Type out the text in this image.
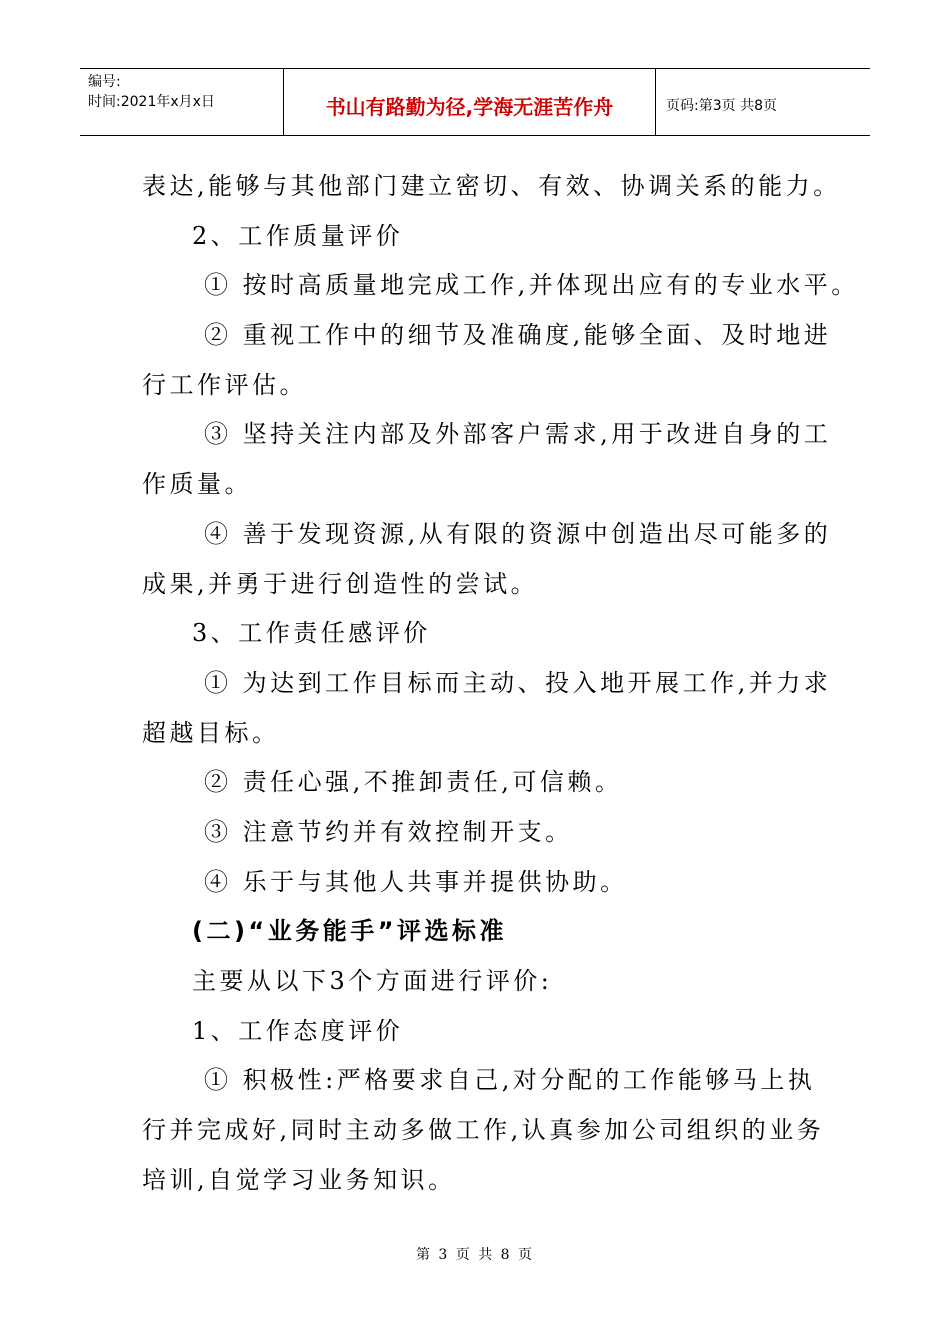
编号:
时间:2021年x月x日	书山有路勤为径,学海无涯苦作舟	页码:第3页 共8页
表达,能够与其他部门建立密切、有效、协调关系的能力。
2、工作质量评价
① 按时高质量地完成工作,并体现出应有的专业水平。
② 重视工作中的细节及准确度,能够全面、及时地进
行工作评估。
③ 坚持关注内部及外部客户需求,用于改进自身的工
作质量。
④ 善于发现资源,从有限的资源中创造出尽可能多的
成果,并勇于进行创造性的尝试。
3、工作责任感评价
① 为达到工作目标而主动、投入地开展工作,并力求
超越目标。
② 责任心强,不推卸责任,可信赖。
③ 注意节约并有效控制开支。
④ 乐于与其他人共事并提供协助。
(二)“业务能手”评选标准
主要从以下3个方面进行评价:
1、工作态度评价
① 积极性:严格要求自己,对分配的工作能够马上执
行并完成好,同时主动多做工作,认真参加公司组织的业务
培训,自觉学习业务知识。
第 3 页 共 8 页
